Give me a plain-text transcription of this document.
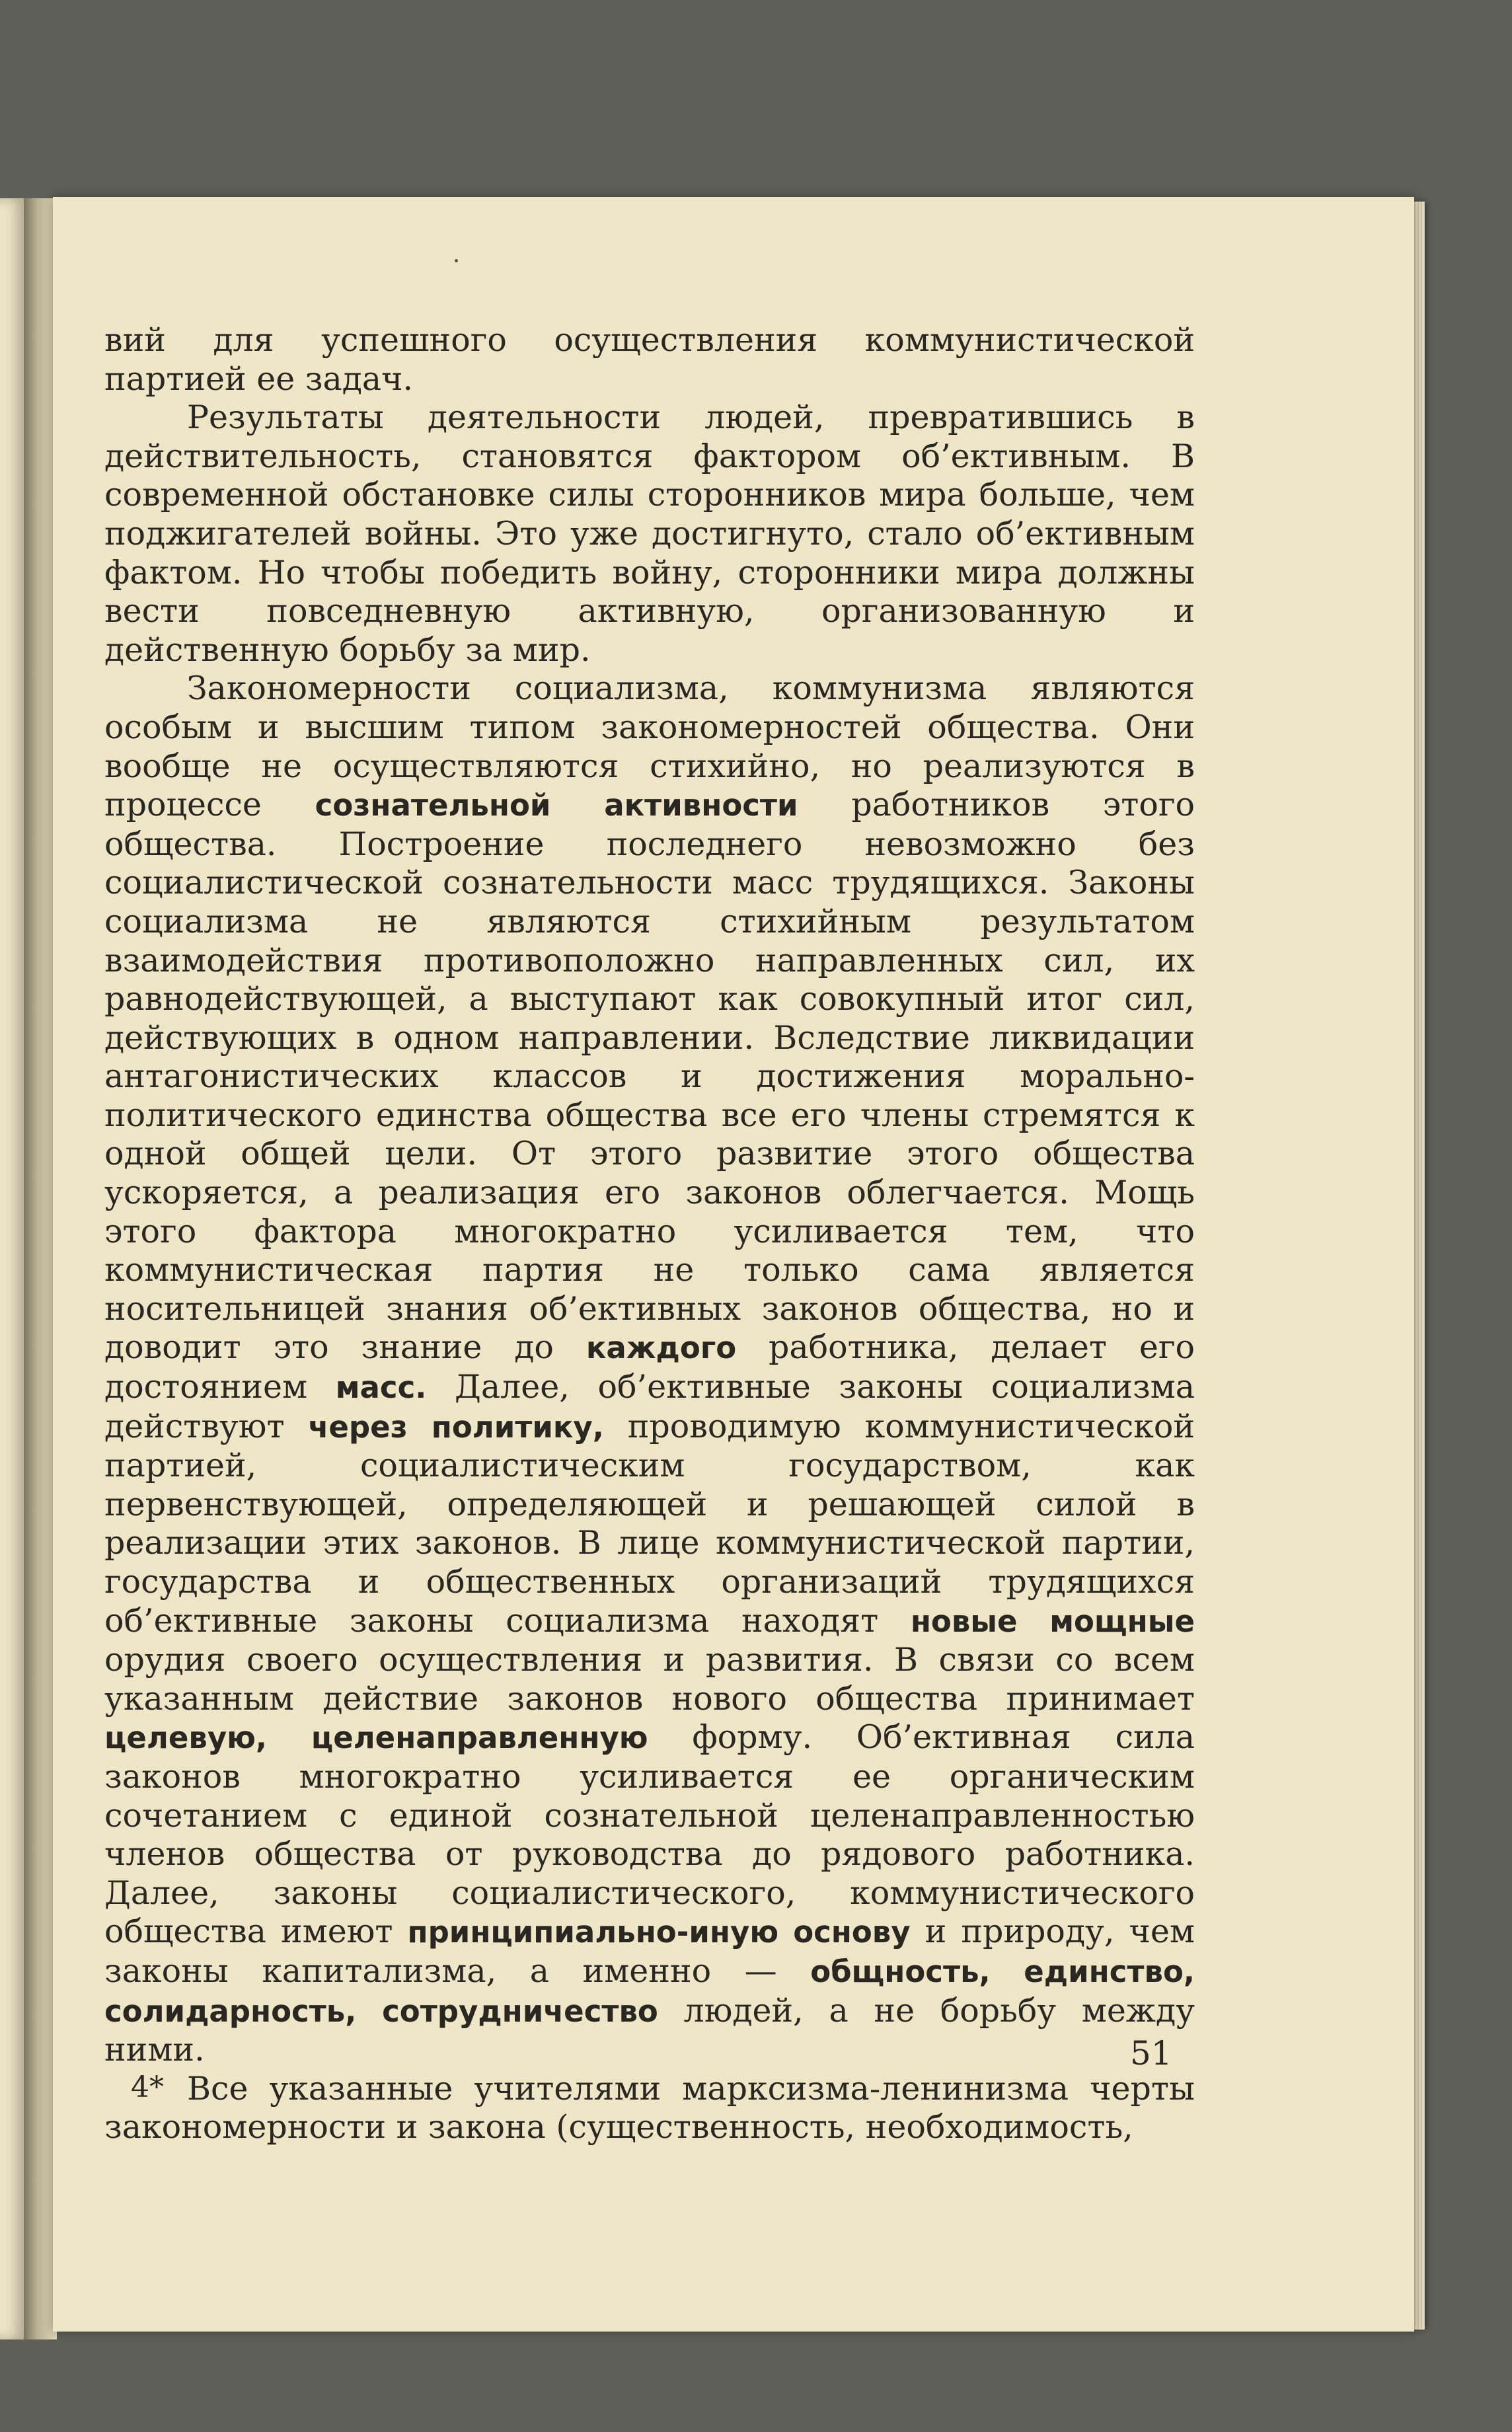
вий для успешного осуществления коммунистической партией ее задач.

Результаты деятельности людей, превратившись в действительность, становятся фактором об’ективным. В современной обстановке силы сторонников мира больше, чем поджигателей войны. Это уже достигнуто, стало об’ективным фактом. Но чтобы победить войну, сторонники мира должны вести повседневную активную, организованную и действенную борьбу за мир.

Закономерности социализма, коммунизма являются особым и высшим типом закономерностей общества. Они вообще не осуществляются стихийно, но реализуются в процессе сознательной активности работников этого общества. Построение последнего невозможно без социалистической сознательности масс трудящихся. Законы социализма не являются стихийным результатом взаимодействия противоположно направленных сил, их равнодействующей, а выступают как совокупный итог сил, действующих в одном направлении. Вследствие ликвидации антагонистических классов и достижения морально-политического единства общества все его члены стремятся к одной общей цели. От этого развитие этого общества ускоряется, а реализация его законов облегчается. Мощь этого фактора многократно усиливается тем, что коммунистическая партия не только сама является носительницей знания об’ективных законов общества, но и доводит это знание до каждого работника, делает его достоянием масс. Далее, об’ективные законы социализма действуют через политику, проводимую коммунистической партией, социалистическим государством, как первенствующей, определяющей и решающей силой в реализации этих законов. В лице коммунистической партии, государства и общественных организаций трудящихся об’ективные законы социализма находят новые мощные орудия своего осуществления и развития. В связи со всем указанным действие законов нового общества принимает целевую, целенаправленную форму. Об’ективная сила законов многократно усиливается ее органическим сочетанием с единой сознательной целенаправленностью членов общества от руководства до рядового работника. Далее, законы социалистического, коммунистического общества имеют принципиально-иную основу и природу, чем законы капитализма, а именно — общность, единство, солидарность, сотрудничество людей, а не борьбу между ними.

Все указанные учителями марксизма-ленинизма черты закономерности и закона (существенность, необходимость,

4*
51
